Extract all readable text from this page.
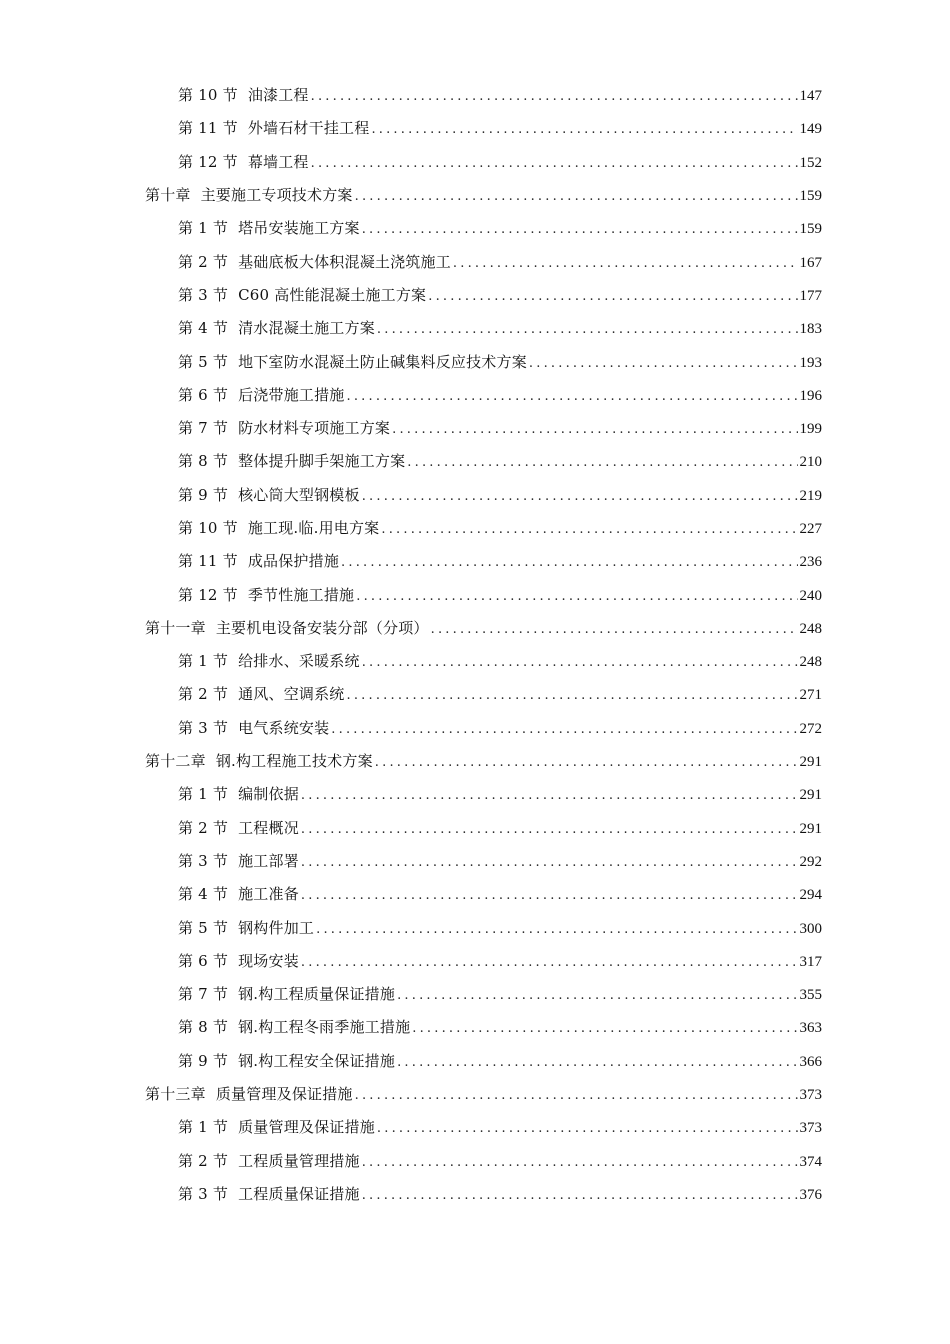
第 10 节 油漆工程 .....	147
第 11 节 外墙石材干挂工程 .....	149
第 12 节 幕墙工程 .....	152
第十章 主要施工专项技术方案 .....	159
第 1 节 塔吊安装施工方案 .....	159
第 2 节 基础底板大体积混凝土浇筑施工 .....	167
第 3 节 C60 高性能混凝土施工方案 .....	177
第 4 节 清水混凝土施工方案 .....	183
第 5 节 地下室防水混凝土防止碱集料反应技术方案 .....	193
第 6 节 后浇带施工措施 .....	196
第 7 节 防水材料专项施工方案 .....	199
第 8 节 整体提升脚手架施工方案 .....	210
第 9 节 核心筒大型钢模板 .....	219
第 10 节 施工现.临.用电方案 .....	227
第 11 节 成品保护措施 .....	236
第 12 节 季节性施工措施 .....	240
第十一章 主要机电设备安装分部（分项） .....	248
第 1 节 给排水、采暖系统 .....	248
第 2 节 通风、空调系统 .....	271
第 3 节 电气系统安装 .....	272
第十二章 钢.构工程施工技术方案 .....	291
第 1 节 编制依据 .....	291
第 2 节 工程概况 .....	291
第 3 节 施工部署 .....	292
第 4 节 施工准备 .....	294
第 5 节 钢构件加工 .....	300
第 6 节 现场安装 .....	317
第 7 节 钢.构工程质量保证措施 .....	355
第 8 节 钢.构工程冬雨季施工措施 .....	363
第 9 节 钢.构工程安全保证措施 .....	366
第十三章 质量管理及保证措施 .....	373
第 1 节 质量管理及保证措施 .....	373
第 2 节 工程质量管理措施 .....	374
第 3 节 工程质量保证措施 .....	376
